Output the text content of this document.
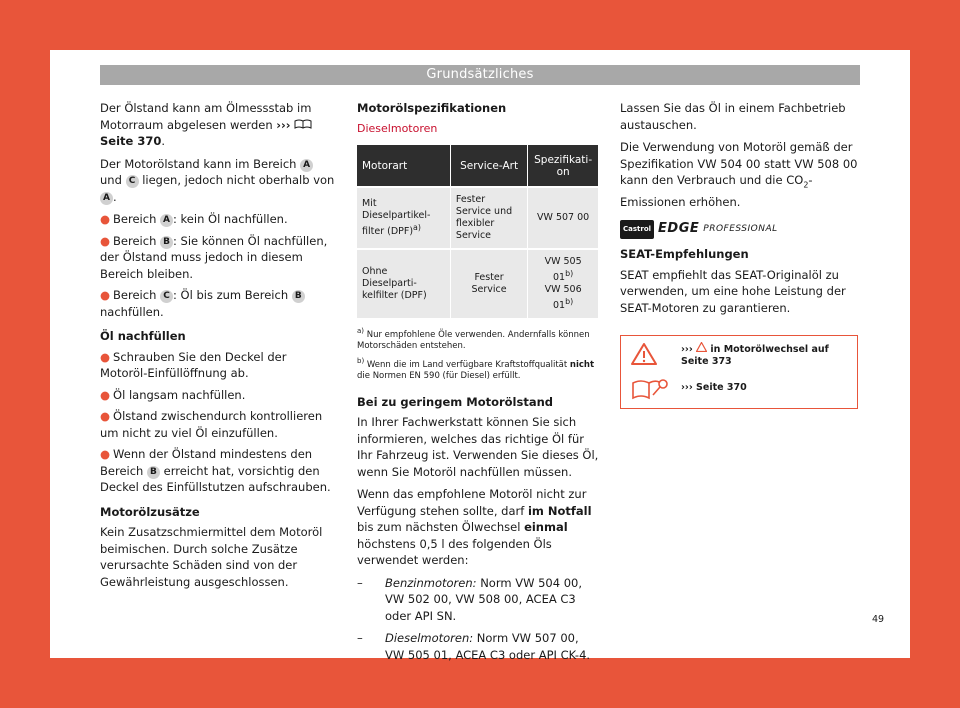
Grundsätzliches

Der Ölstand kann am Ölmessstab im Motorraum abgelesen werden ›››  Seite 370.

Der Motorölstand kann im Bereich A und C liegen, jedoch nicht oberhalb von A .

● Bereich A : kein Öl nachfüllen.

● Bereich B : Sie können Öl nachfüllen, der Ölstand muss jedoch in diesem Bereich bleiben.

● Bereich C : Öl bis zum Bereich B nachfüllen.

Öl nachfüllen

● Schrauben Sie den Deckel der Motoröl-Einfüllöffnung ab.

● Öl langsam nachfüllen.

● Ölstand zwischendurch kontrollieren um nicht zu viel Öl einzufüllen.

● Wenn der Ölstand mindestens den Bereich B erreicht hat, vorsichtig den Deckel des Einfüllstutzen aufschrauben.

Motorölzusätze

Kein Zusatzschmiermittel dem Motoröl beimischen. Durch solche Zusätze verursachte Schäden sind von der Gewährleistung ausgeschlossen.

Motorölspezifikationen

Dieselmotoren

Motorart	Service-Art	Spezifikation
Mit Dieselpartikelfilter (DPF)$^{a)}$	Fester Service und flexibler Service	VW 507 00
Ohne Dieselpartikelfilter (DPF)	Fester Service	VW 505 01$^{b)}$
VW 506 01$^{b)}$

$^{a)}$ Nur empfohlene Öle verwenden. Andernfalls können Motorschäden entstehen.

$^{b)}$ Wenn die im Land verfügbare Kraftstoffqualität nicht die Normen EN 590 (für Diesel) erfüllt.

Bei zu geringem Motorölstand

In Ihrer Fachwerkstatt können Sie sich informieren, welches das richtige Öl für Ihr Fahrzeug ist. Verwenden Sie dieses Öl, wenn Sie Motoröl nachfüllen müssen.

Wenn das empfohlene Motoröl nicht zur Verfügung stehen sollte, darf im Notfall bis zum nächsten Ölwechsel einmal höchstens 0,5 l des folgenden Öls verwendet werden:

–	Benzinmotoren: Norm VW 504 00, VW 502 00, VW 508 00, ACEA C3 oder API SN.
–	Dieselmotoren: Norm VW 507 00, VW 505 01, ACEA C3 oder API CK-4.

Lassen Sie das Öl in einem Fachbetrieb austauschen.

Die Verwendung von Motoröl gemäß der Spezifikation VW 504 00 statt VW 508 00 kann den Verbrauch und die $CO_2$-Emissionen erhöhen.

Castrol EDGE PROFESSIONAL

SEAT-Empfehlungen

SEAT empfiehlt das SEAT-Originalöl zu verwenden, um eine hohe Leistung der SEAT-Motoren zu garantieren.

››› in Motorölwechsel auf Seite 373
››› Seite 370
49
